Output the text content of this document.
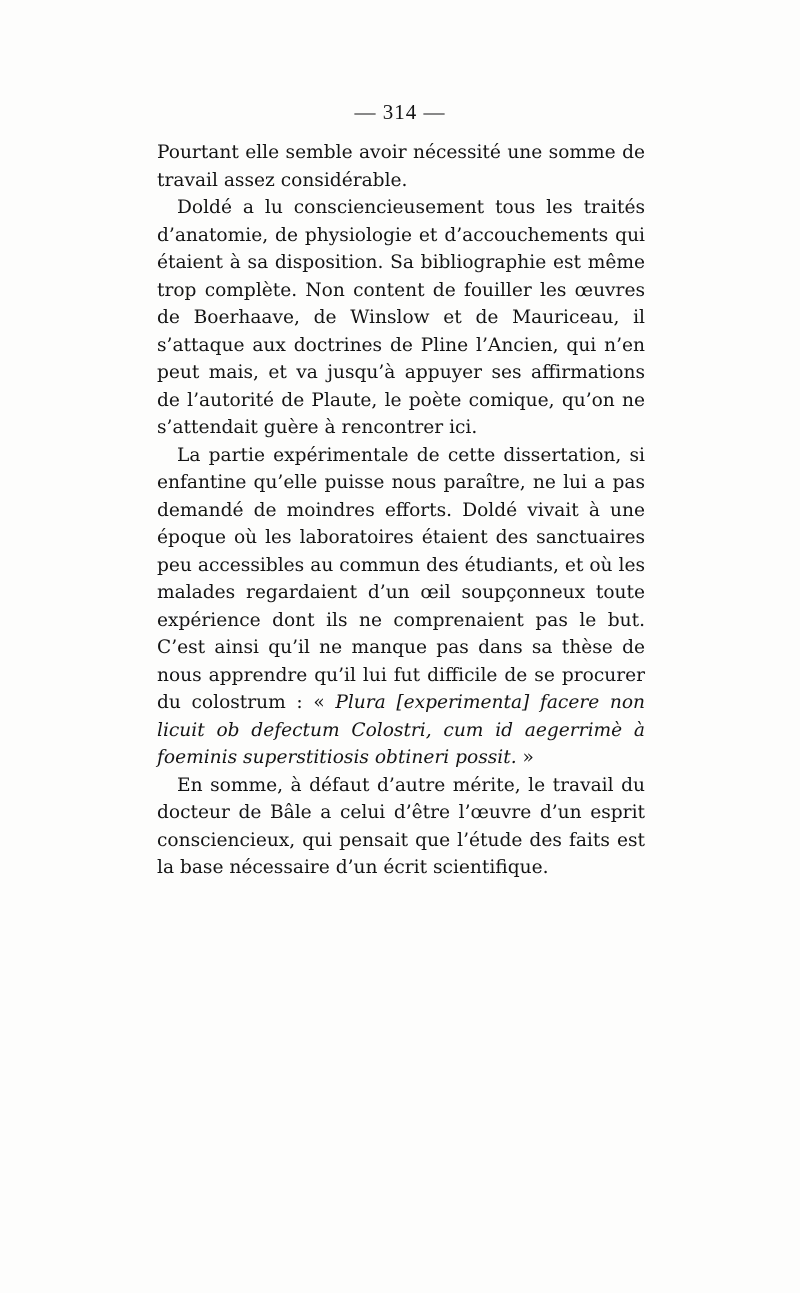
— 314 —

Pourtant elle semble avoir nécessité une somme de travail assez considérable.

Doldé a lu consciencieusement tous les traités d’anatomie, de physiologie et d’accouchements qui étaient à sa disposition. Sa bibliographie est même trop complète. Non content de fouiller les œuvres de Boerhaave, de Winslow et de Mauriceau, il s’attaque aux doctrines de Pline l’Ancien, qui n’en peut mais, et va jusqu’à appuyer ses affirmations de l’autorité de Plaute, le poète comique, qu’on ne s’attendait guère à rencontrer ici.

La partie expérimentale de cette dissertation, si enfantine qu’elle puisse nous paraître, ne lui a pas demandé de moindres efforts. Doldé vivait à une époque où les laboratoires étaient des sanctuaires peu accessibles au commun des étudiants, et où les malades regardaient d’un œil soupçonneux toute expérience dont ils ne comprenaient pas le but. C’est ainsi qu’il ne manque pas dans sa thèse de nous apprendre qu’il lui fut difficile de se procurer du colostrum : « Plura [experimenta] facere non licuit ob defectum Colostri, cum id aegerrimè à foeminis superstitiosis obtineri possit. »

En somme, à défaut d’autre mérite, le travail du docteur de Bâle a celui d’être l’œuvre d’un esprit consciencieux, qui pensait que l’étude des faits est la base nécessaire d’un écrit scientifique.
